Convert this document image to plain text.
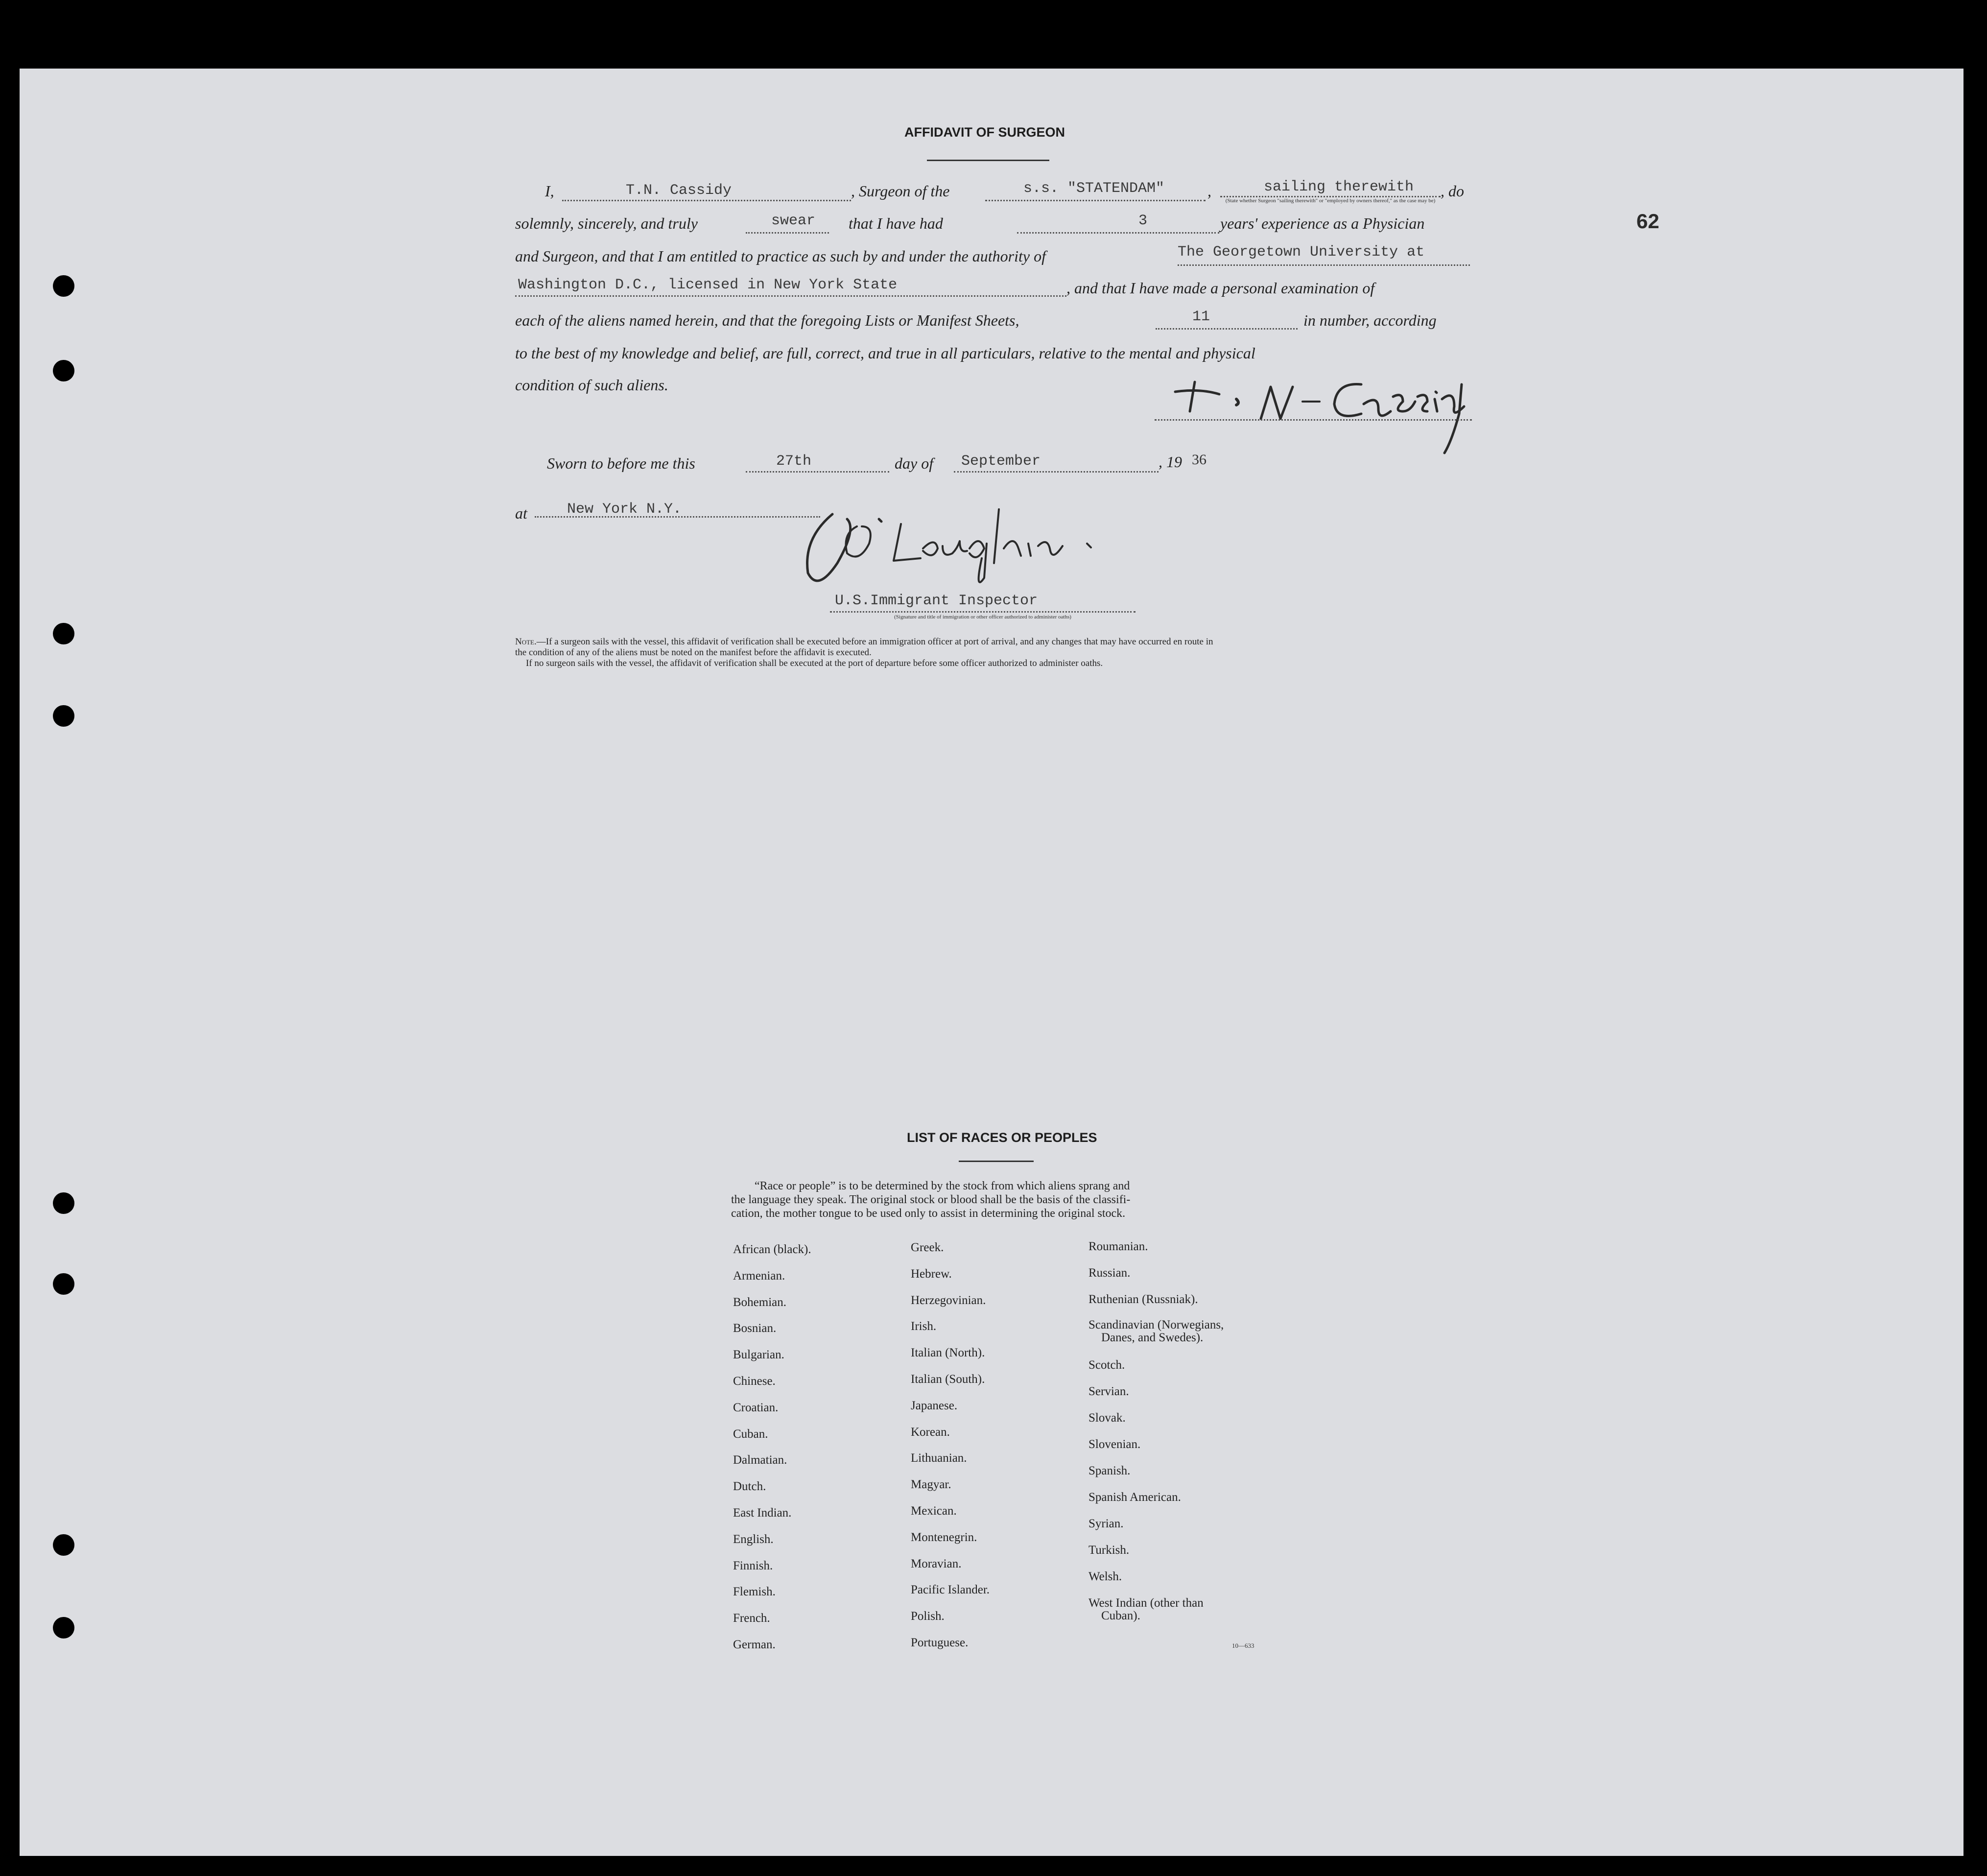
62
AFFIDAVIT OF SURGEON
I,	T.N. Cassidy	, Surgeon of the	s.s. "STATENDAM"	,	sailing therewith , do
(State whether Surgeon "sailing therewith" or "employed by owners thereof," as the case may be)
solemnly, sincerely, and truly	swear that I have had	3	years' experience as a Physician
and Surgeon, and that I am entitled to practice as such by and under the authority of	The Georgetown University at
Washington D.C., licensed in New York State	, and that I have made a personal examination of
each of the aliens named herein, and that the foregoing Lists or Manifest Sheets,	11	in number, according
to the best of my knowledge and belief, are full, correct, and true in all particulars, relative to the mental and physical
condition of such aliens.
Sworn to before me this	27th	day of September	, 19 36
at	New York N.Y.
U.S.Immigrant Inspector
(Signature and title of immigration or other officer authorized to administer oaths)
Note.—If a surgeon sails with the vessel, this affidavit of verification shall be executed before an immigration officer at port of arrival, and any changes that may have occurred en route in
the condition of any of the aliens must be noted on the manifest before the affidavit is executed.
If no surgeon sails with the vessel, the affidavit of verification shall be executed at the port of departure before some officer authorized to administer oaths.
LIST OF RACES OR PEOPLES
“Race or people” is to be determined by the stock from which aliens sprang and
the language they speak. The original stock or blood shall be the basis of the classifi-
cation, the mother tongue to be used only to assist in determining the original stock.
African (black).
Armenian.
Bohemian.
Bosnian.
Bulgarian.
Chinese.
Croatian.
Cuban.
Dalmatian.
Dutch.
East Indian.
English.
Finnish.
Flemish.
French.
German.
Greek.
Hebrew.
Herzegovinian.
Irish.
Italian (North).
Italian (South).
Japanese.
Korean.
Lithuanian.
Magyar.
Mexican.
Montenegrin.
Moravian.
Pacific Islander.
Polish.
Portuguese.
Roumanian.
Russian.
Ruthenian (Russniak).
Scandinavian (Norwegians,
Danes, and Swedes).
Scotch.
Servian.
Slovak.
Slovenian.
Spanish.
Spanish American.
Syrian.
Turkish.
Welsh.
West Indian (other than
Cuban).
10—633
